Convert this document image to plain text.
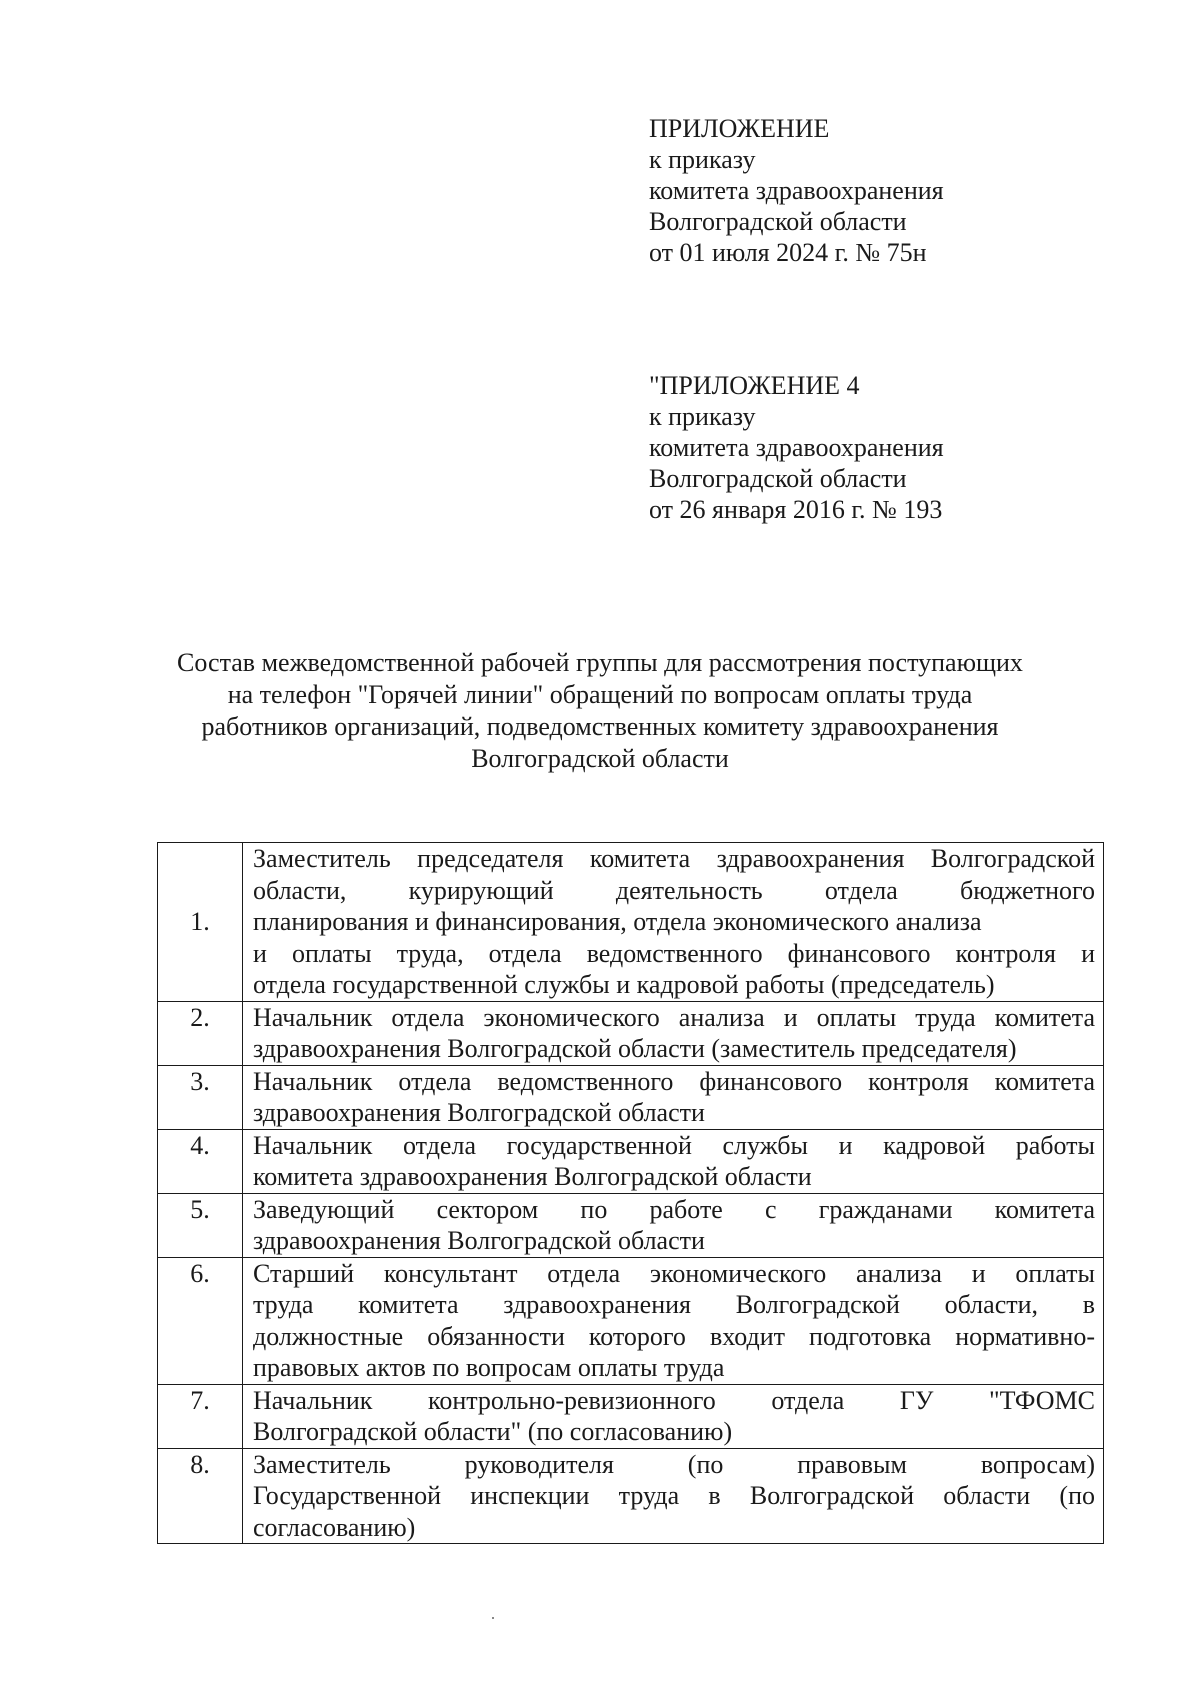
ПРИЛОЖЕНИЕ
к приказу
комитета здравоохранения
Волгоградской области
от 01 июля 2024 г. № 75н
"ПРИЛОЖЕНИЕ 4
к приказу
комитета здравоохранения
Волгоградской области
от 26 января 2016 г. № 193
Состав межведомственной рабочей группы для рассмотрения поступающих
на телефон "Горячей линии" обращений по вопросам оплаты труда
работников организаций, подведомственных комитету здравоохранения
Волгоградской области
1.	Заместитель председателя комитета здравоохранения Волгоградской
области, курирующий деятельность отдела бюджетного
планирования и финансирования, отдела экономического анализа
и оплаты труда, отдела ведомственного финансового контроля и
отдела государственной службы и кадровой работы (председатель)

2.	Начальник отдела экономического анализа и оплаты труда комитета
здравоохранения Волгоградской области (заместитель председателя)

3.	Начальник отдела ведомственного финансового контроля комитета
здравоохранения Волгоградской области

4.	Начальник отдела государственной службы и кадровой работы
комитета здравоохранения Волгоградской области

5.	Заведующий сектором по работе с гражданами комитета
здравоохранения Волгоградской области

6.	Старший консультант отдела экономического анализа и оплаты
труда комитета здравоохранения Волгоградской области, в
должностные обязанности которого входит подготовка нормативно-
правовых актов по вопросам оплаты труда

7.	Начальник контрольно-ревизионного отдела ГУ "ТФОМС
Волгоградской области" (по согласованию)

8.	Заместитель руководителя (по правовым вопросам)
Государственной инспекции труда в Волгоградской области (по
согласованию)
